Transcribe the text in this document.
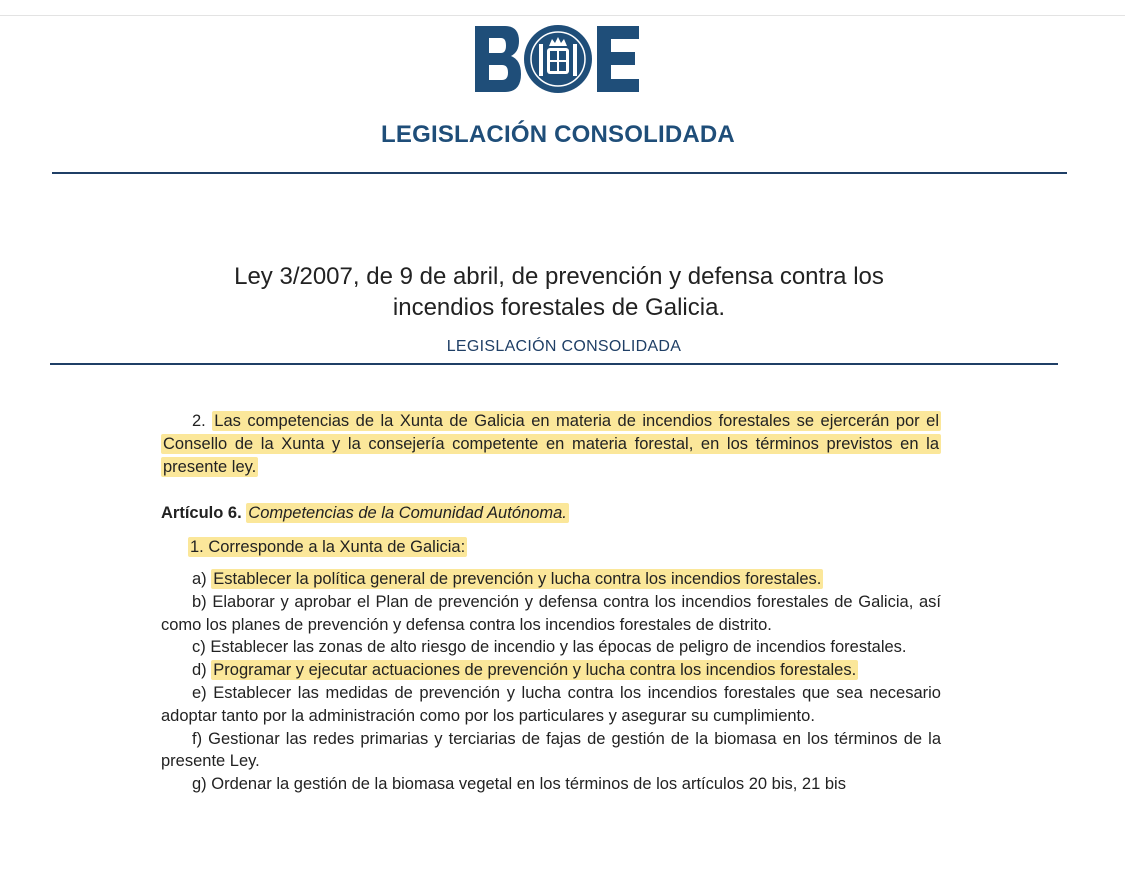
LEGISLACIÓN CONSOLIDADA
Ley 3/2007, de 9 de abril, de prevención y defensa contra los
incendios forestales de Galicia.
LEGISLACIÓN CONSOLIDADA
2. Las competencias de la Xunta de Galicia en materia de incendios forestales se ejercerán por el Consello de la Xunta y la consejería competente en materia forestal, en los términos previstos en la presente ley.
Artículo 6. Competencias de la Comunidad Autónoma.
1. Corresponde a la Xunta de Galicia:

a) Establecer la política general de prevención y lucha contra los incendios forestales.

b) Elaborar y aprobar el Plan de prevención y defensa contra los incendios forestales de Galicia, así como los planes de prevención y defensa contra los incendios forestales de distrito.

c) Establecer las zonas de alto riesgo de incendio y las épocas de peligro de incendios forestales.

d) Programar y ejecutar actuaciones de prevención y lucha contra los incendios forestales.

e) Establecer las medidas de prevención y lucha contra los incendios forestales que sea necesario adoptar tanto por la administración como por los particulares y asegurar su cumplimiento.

f) Gestionar las redes primarias y terciarias de fajas de gestión de la biomasa en los términos de la presente Ley.

g) Ordenar la gestión de la biomasa vegetal en los términos de los artículos 20 bis, 21 bis
